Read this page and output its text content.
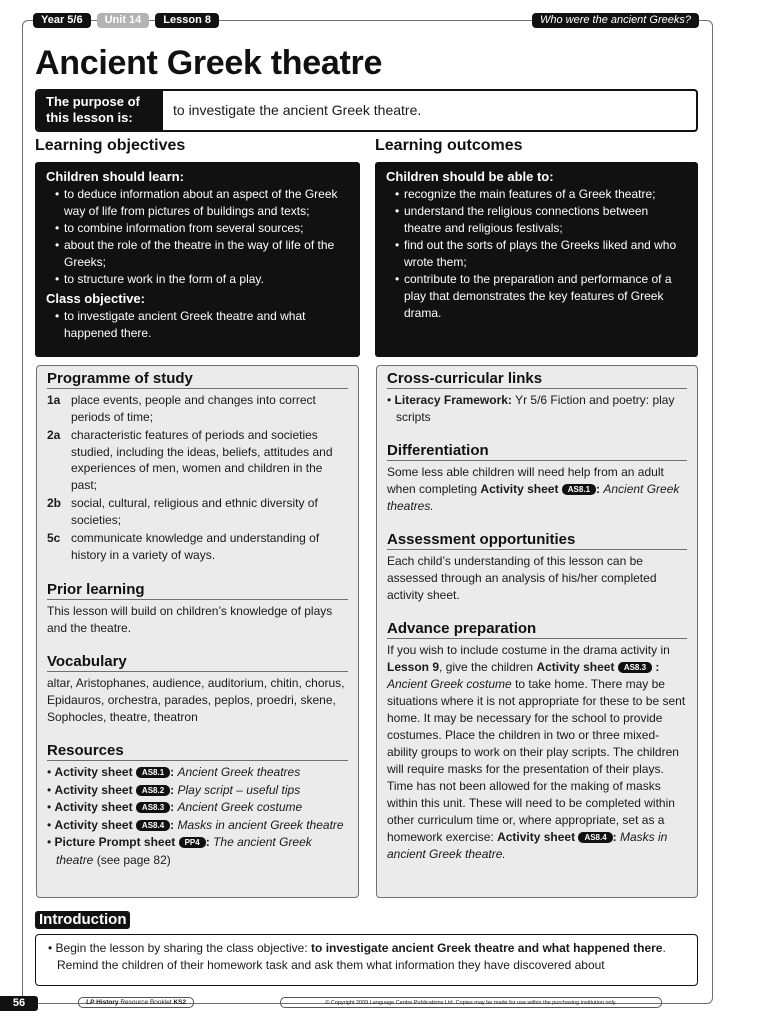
Year 5/6	Unit 14	Lesson 8	Who were the ancient Greeks?
Ancient Greek theatre
The purpose of this lesson is:	to investigate the ancient Greek theatre.
Learning objectives	Learning outcomes
Children should learn:
• to deduce information about an aspect of the Greek way of life from pictures of buildings and texts;
• to combine information from several sources;
• about the role of the theatre in the way of life of the Greeks;
• to structure work in the form of a play.
Class objective:
• to investigate ancient Greek theatre and what happened there.
Children should be able to:
• recognize the main features of a Greek theatre;
• understand the religious connections between theatre and religious festivals;
• find out the sorts of plays the Greeks liked and who wrote them;
• contribute to the preparation and performance of a play that demonstrates the key features of Greek drama.
Programme of study
1a place events, people and changes into correct periods of time;
2a characteristic features of periods and societies studied, including the ideas, beliefs, attitudes and experiences of men, women and children in the past;
2b social, cultural, religious and ethnic diversity of societies;
5c communicate knowledge and understanding of history in a variety of ways.
Prior learning
This lesson will build on children’s knowledge of plays and the theatre.
Vocabulary
altar, Aristophanes, audience, auditorium, chitin, chorus, Epidauros, orchestra, parades, peplos, proedri, skene, Sophocles, theatre, theatron
Resources
• Activity sheet AS8.1 : Ancient Greek theatres
• Activity sheet AS8.2 : Play script – useful tips
• Activity sheet AS8.3 : Ancient Greek costume
• Activity sheet AS8.4 : Masks in ancient Greek theatre
• Picture Prompt sheet PP4 : The ancient Greek theatre (see page 82)
Cross-curricular links
• Literacy Framework: Yr 5/6 Fiction and poetry: play scripts
Differentiation
Some less able children will need help from an adult when completing Activity sheet AS8.1 : Ancient Greek theatres.
Assessment opportunities
Each child’s understanding of this lesson can be assessed through an analysis of his/her completed activity sheet.
Advance preparation
If you wish to include costume in the drama activity in Lesson 9, give the children Activity sheet AS8.3 : Ancient Greek costume to take home. There may be situations where it is not appropriate for these to be sent home. It may be necessary for the school to provide costumes. Place the children in two or three mixed-ability groups to work on their play scripts. The children will require masks for the presentation of their plays. Time has not been allowed for the making of masks within this unit. These will need to be completed within other curriculum time or, where appropriate, set as a homework exercise: Activity sheet AS8.4 : Masks in ancient Greek theatre.
Introduction
• Begin the lesson by sharing the class objective: to investigate ancient Greek theatre and what happened there. Remind the children of their homework task and ask them what information they have discovered about
56	LP History Resource Booklet KS2	© Copyright 2009 Language Centre Publications Ltd. Copies may be made for use within the purchasing institution only.
